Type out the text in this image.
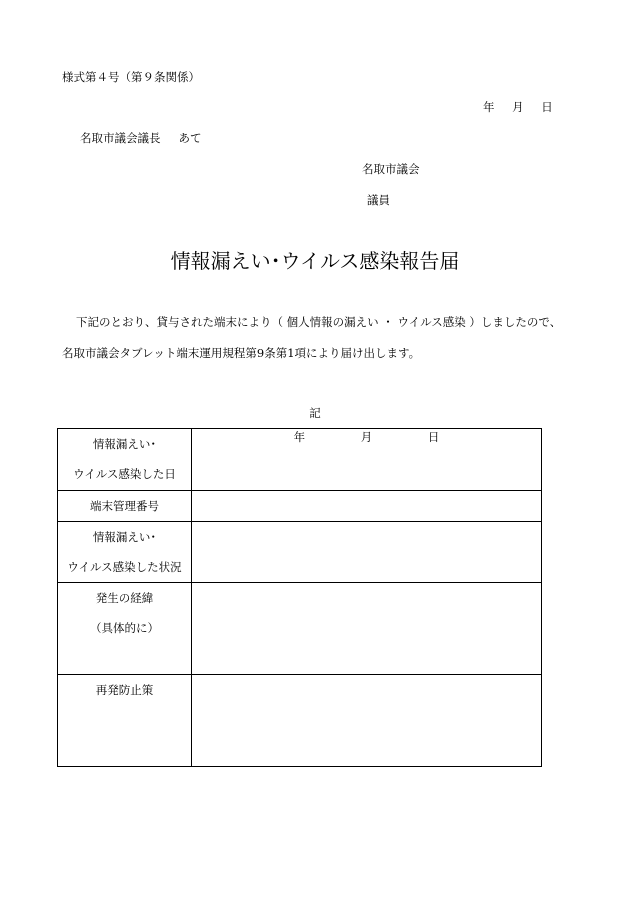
様式第４号（第９条関係）
年 月 日
名取市議会議長 あて
名取市議会
議員
情報漏えい･ウイルス感染報告届
下記のとおり、貸与された端末により（ 個人情報の漏えい ・ ウイルス感染 ）しましたので、
名取市議会タブレット端末運用規程第9条第1項により届け出します。
記
情報漏えい･
ウイルス感染した日	年 月 日

端末管理番号	

情報漏えい･
ウイルス感染した状況	

発生の経緯
（具体的に）	

再発防止策	
